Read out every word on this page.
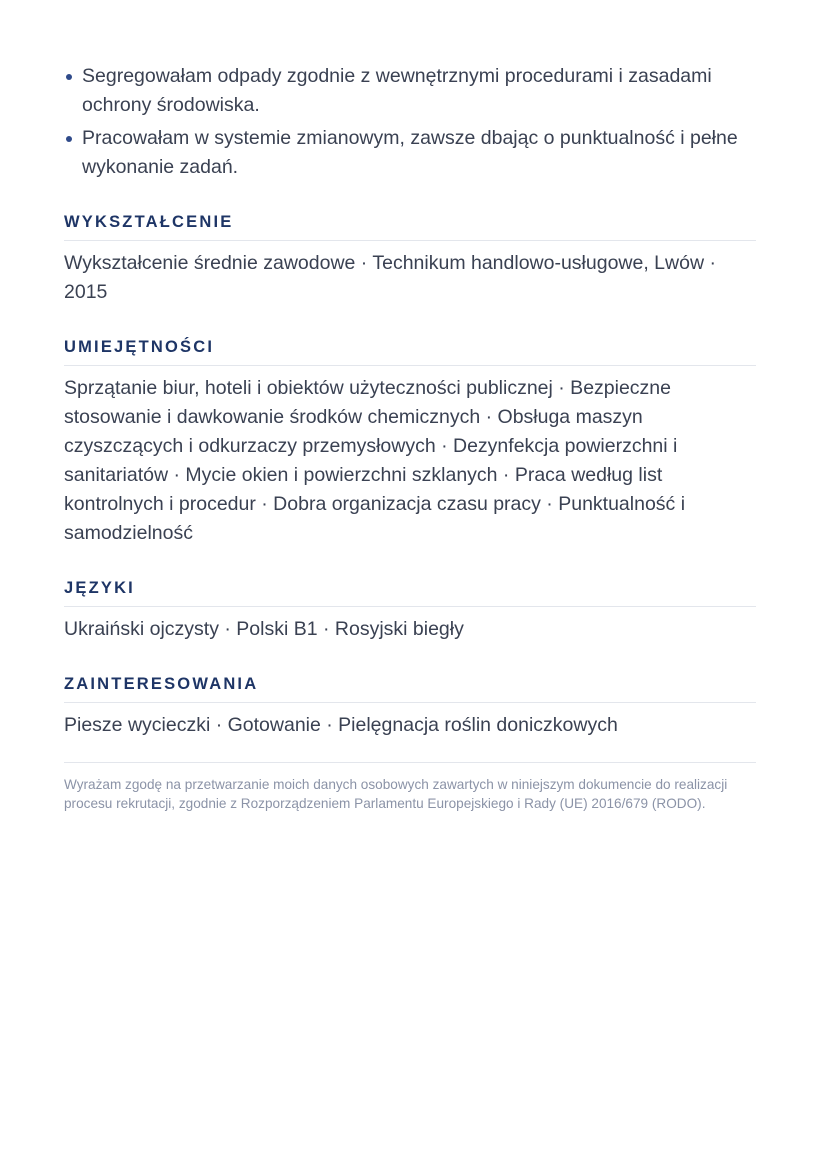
Segregowałam odpady zgodnie z wewnętrznymi procedurami i zasadami ochrony środowiska.
Pracowałam w systemie zmianowym, zawsze dbając o punktualność i pełne wykonanie zadań.
WYKSZTAŁCENIE
Wykształcenie średnie zawodowe · Technikum handlowo-usługowe, Lwów · 2015
UMIEJĘTNOŚCI
Sprzątanie biur, hoteli i obiektów użyteczności publicznej · Bezpieczne stosowanie i dawkowanie środków chemicznych · Obsługa maszyn czyszczących i odkurzaczy przemysłowych · Dezynfekcja powierzchni i sanitariatów · Mycie okien i powierzchni szklanych · Praca według list kontrolnych i procedur · Dobra organizacja czasu pracy · Punktualność i samodzielność
JĘZYKI
Ukraiński ojczysty · Polski B1 · Rosyjski biegły
ZAINTERESOWANIA
Piesze wycieczki · Gotowanie · Pielęgnacja roślin doniczkowych
Wyrażam zgodę na przetwarzanie moich danych osobowych zawartych w niniejszym dokumencie do realizacji procesu rekrutacji, zgodnie z Rozporządzeniem Parlamentu Europejskiego i Rady (UE) 2016/679 (RODO).
